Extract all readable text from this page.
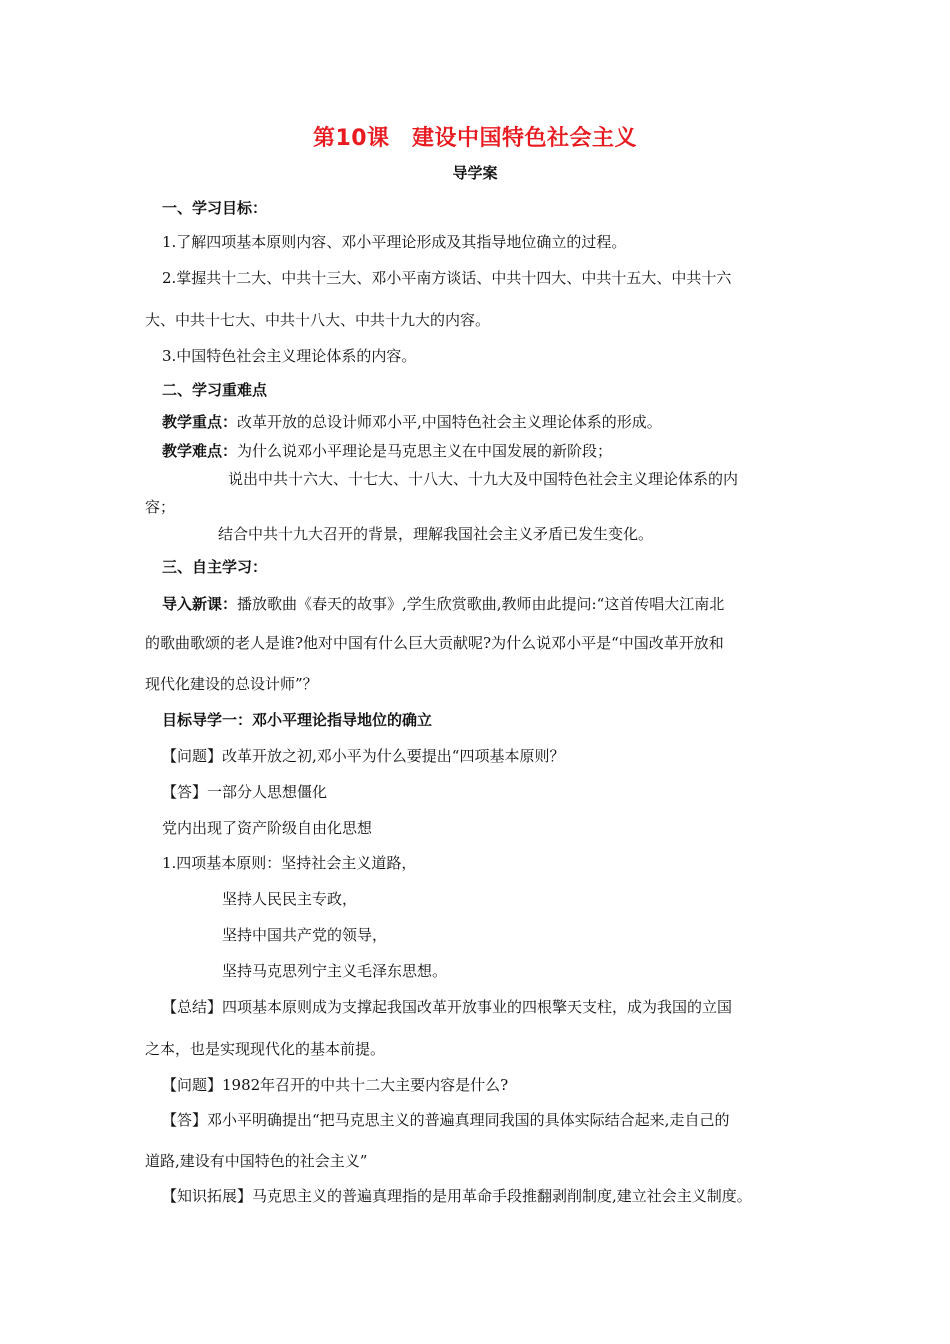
第10课　建设中国特色社会主义
导学案
一、学习目标：
1.了解四项基本原则内容、邓小平理论形成及其指导地位确立的过程。
2.掌握共十二大、中共十三大、邓小平南方谈话、中共十四大、中共十五大、中共十六
大、中共十七大、中共十八大、中共十九大的内容。
3.中国特色社会主义理论体系的内容。
二、学习重难点
教学重点：改革开放的总设计师邓小平,中国特色社会主义理论体系的形成。
教学难点：为什么说邓小平理论是马克思主义在中国发展的新阶段；
说出中共十六大、十七大、十八大、十九大及中国特色社会主义理论体系的内
容；
结合中共十九大召开的背景，理解我国社会主义矛盾已发生变化。
三、自主学习：
导入新课：播放歌曲《春天的故事》,学生欣赏歌曲,教师由此提问:“这首传唱大江南北
的歌曲歌颂的老人是谁?他对中国有什么巨大贡献呢?为什么说邓小平是“中国改革开放和
现代化建设的总设计师”？
目标导学一：邓小平理论指导地位的确立
【问题】改革开放之初,邓小平为什么要提出“四项基本原则？
【答】一部分人思想僵化
党内出现了资产阶级自由化思想
1.四项基本原则：坚持社会主义道路，
坚持人民民主专政，
坚持中国共产党的领导，
坚持马克思列宁主义毛泽东思想。
【总结】四项基本原则成为支撑起我国改革开放事业的四根擎天支柱，成为我国的立国
之本，也是实现现代化的基本前提。
【问题】1982年召开的中共十二大主要内容是什么?
【答】邓小平明确提出“把马克思主义的普遍真理同我国的具体实际结合起来,走自己的
道路,建设有中国特色的社会主义”
【知识拓展】马克思主义的普遍真理指的是用革命手段推翻剥削制度,建立社会主义制度。
